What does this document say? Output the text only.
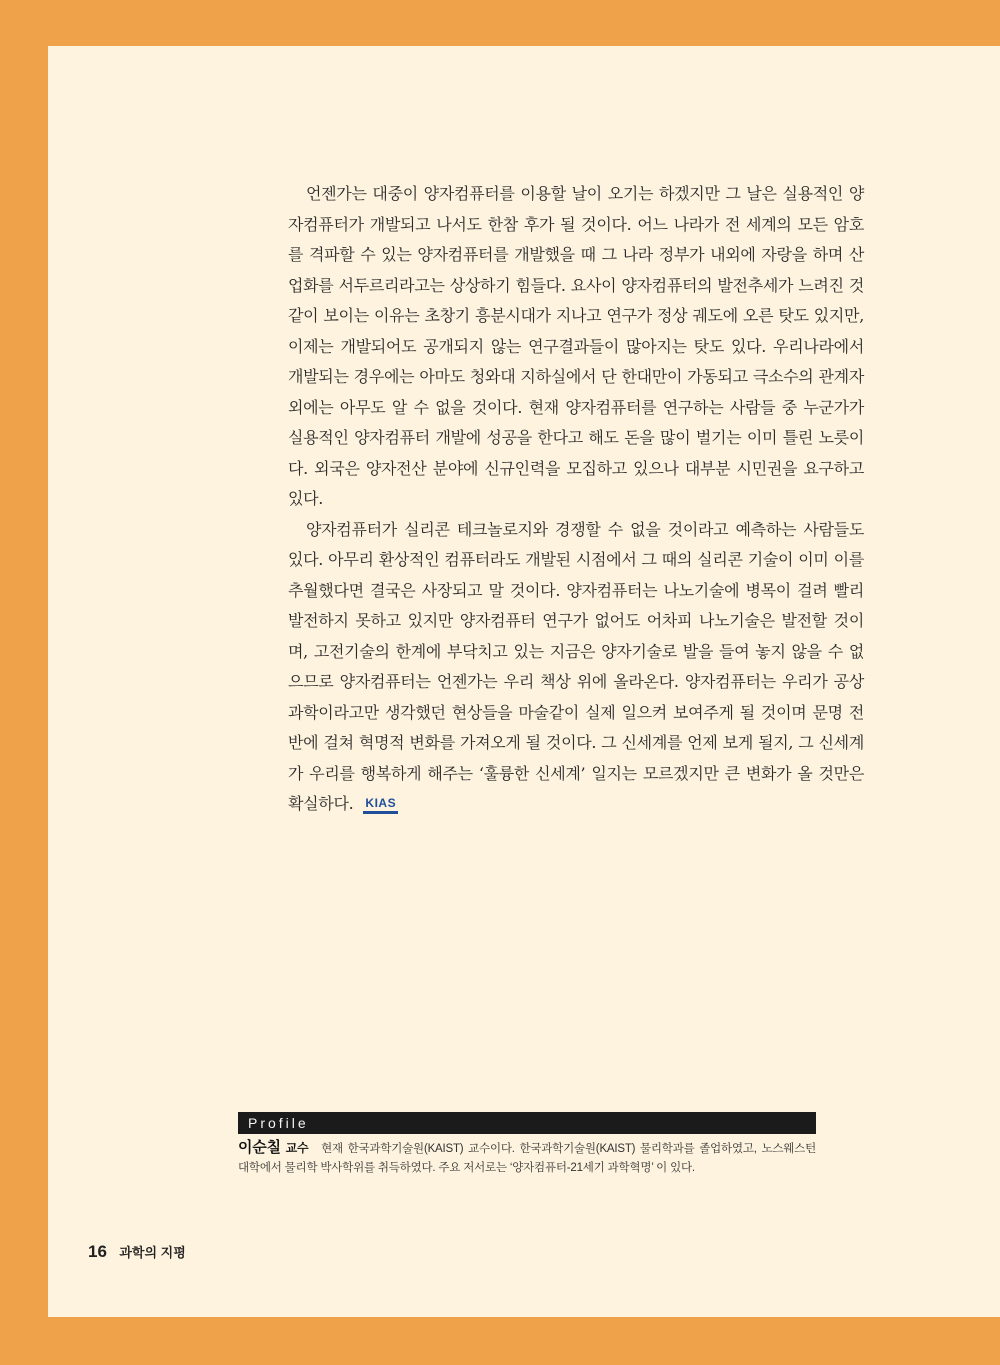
언젠가는 대중이 양자컴퓨터를 이용할 날이 오기는 하겠지만 그 날은 실용적인 양자컴퓨터가 개발되고 나서도 한참 후가 될 것이다. 어느 나라가 전 세계의 모든 암호를 격파할 수 있는 양자컴퓨터를 개발했을 때 그 나라 정부가 내외에 자랑을 하며 산업화를 서두르리라고는 상상하기 힘들다. 요사이 양자컴퓨터의 발전추세가 느려진 것같이 보이는 이유는 초창기 흥분시대가 지나고 연구가 정상 궤도에 오른 탓도 있지만, 이제는 개발되어도 공개되지 않는 연구결과들이 많아지는 탓도 있다. 우리나라에서 개발되는 경우에는 아마도 청와대 지하실에서 단 한대만이 가동되고 극소수의 관계자 외에는 아무도 알 수 없을 것이다. 현재 양자컴퓨터를 연구하는 사람들 중 누군가가 실용적인 양자컴퓨터 개발에 성공을 한다고 해도 돈을 많이 벌기는 이미 틀린 노릇이다. 외국은 양자전산 분야에 신규인력을 모집하고 있으나 대부분 시민권을 요구하고 있다.

양자컴퓨터가 실리콘 테크놀로지와 경쟁할 수 없을 것이라고 예측하는 사람들도 있다. 아무리 환상적인 컴퓨터라도 개발된 시점에서 그 때의 실리콘 기술이 이미 이를 추월했다면 결국은 사장되고 말 것이다. 양자컴퓨터는 나노기술에 병목이 걸려 빨리 발전하지 못하고 있지만 양자컴퓨터 연구가 없어도 어차피 나노기술은 발전할 것이며, 고전기술의 한계에 부닥치고 있는 지금은 양자기술로 발을 들여 놓지 않을 수 없으므로 양자컴퓨터는 언젠가는 우리 책상 위에 올라온다. 양자컴퓨터는 우리가 공상과학이라고만 생각했던 현상들을 마술같이 실제 일으켜 보여주게 될 것이며 문명 전반에 걸쳐 혁명적 변화를 가져오게 될 것이다. 그 신세계를 언제 보게 될지, 그 신세계가 우리를 행복하게 해주는 ‘훌륭한 신세계’ 일지는 모르겠지만 큰 변화가 올 것만은 확실하다. KIAS

Profile
이순칠 교수 현재 한국과학기술원(KAIST) 교수이다. 한국과학기술원(KAIST) 물리학과를 졸업하였고, 노스웨스턴 대학에서 물리학 박사학위를 취득하였다. 주요 저서로는 ‘양자컴퓨터-21세기 과학혁명’ 이 있다.
16 과학의 지평
